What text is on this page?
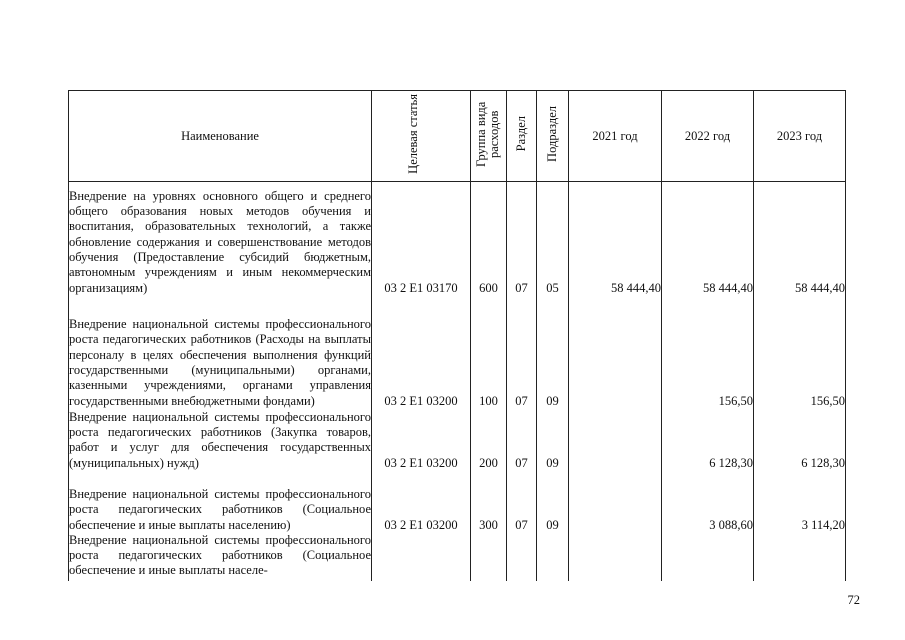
Наименование	Целевая статья	Группа вида расходов	Раздел	Подраздел	2021 год	2022 год	2023 год

Внедрение на уровнях основного общего и среднего общего образования новых методов обучения и воспитания, образовательных технологий, а также обновление содержания и совершенствование методов обучения (Предоставление субсидий бюджетным, автономным учреждениям и иным некоммерческим организациям)	03 2 E1 03170	600	07	05	58 444,40	58 444,40	58 444,40

Внедрение национальной системы профессионального роста педагогических работников (Расходы на выплаты персоналу в целях обеспечения выполнения функций государственными (муниципальными) органами, казенными учреждениями, органами управления государственными внебюджетными фондами)	03 2 E1 03200	100	07	09		156,50	156,50

Внедрение национальной системы профессионального роста педагогических работников (Закупка товаров, работ и услуг для обеспечения государственных (муниципальных) нужд)	03 2 E1 03200	200	07	09		6 128,30	6 128,30

Внедрение национальной системы профессионального роста педагогических работников (Социальное обеспечение и иные выплаты населению)	03 2 E1 03200	300	07	09		3 088,60	3 114,20

Внедрение национальной системы профессионального роста педагогических работников (Социальное обеспечение и иные выплаты населе-							

72
